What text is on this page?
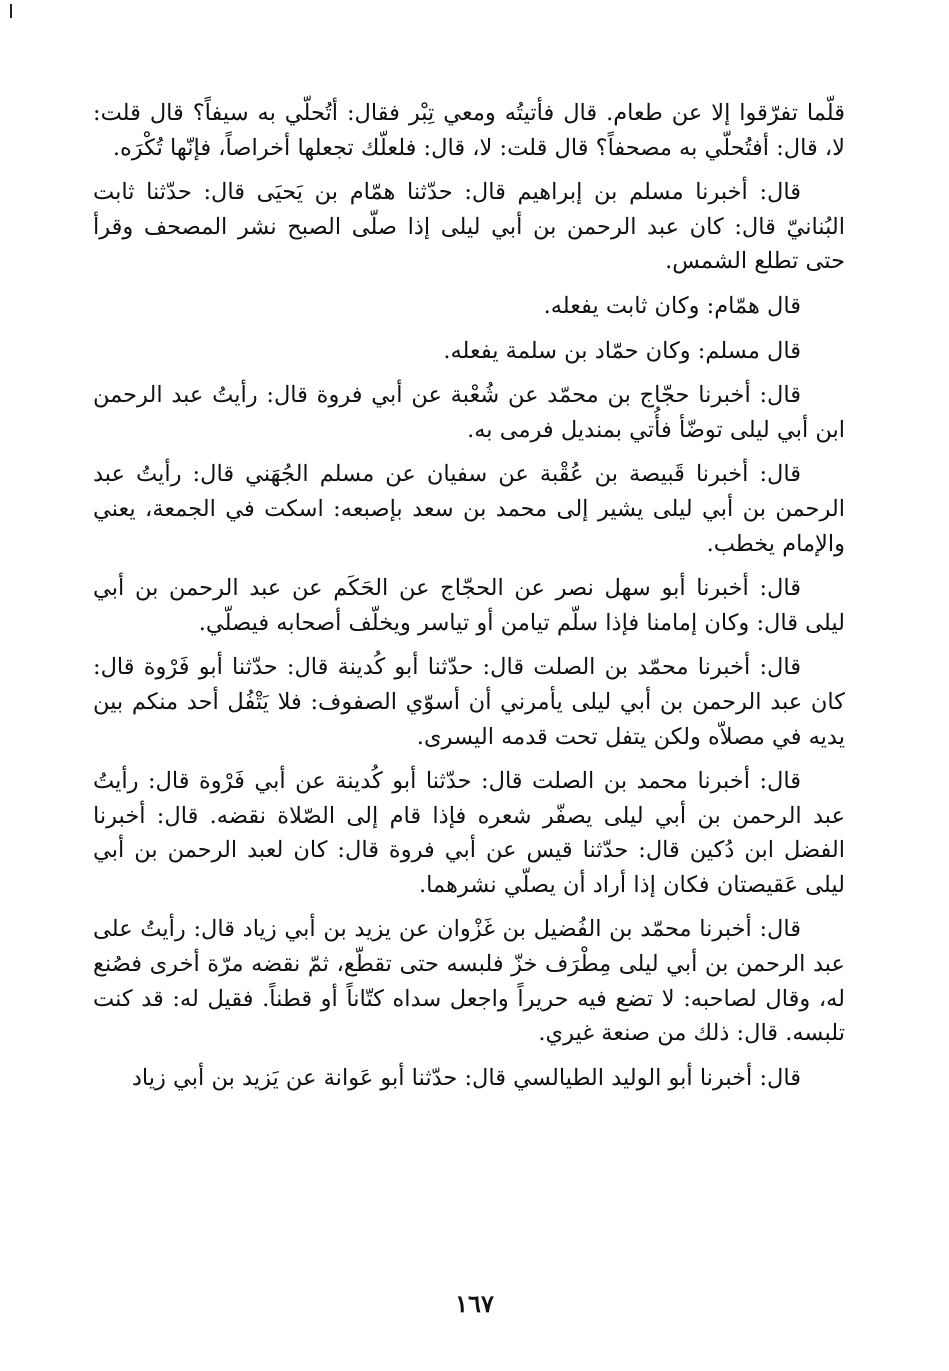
قلّما تفرّقوا إلا عن طعام. قال فأتيتُه ومعي تِبْر فقال: أتُحلّي به سيفاً؟ قال قلت: لا، قال: أفتُحلّي به مصحفاً؟ قال قلت: لا، قال: فلعلّك تجعلها أخراصاً، فإنّها تُكْرَه.

قال: أخبرنا مسلم بن إبراهيم قال: حدّثنا همّام بن يَحيَى قال: حدّثنا ثابت البُنانيّ قال: كان عبد الرحمن بن أبي ليلى إذا صلّى الصبح نشر المصحف وقرأ حتى تطلع الشمس.

قال همّام: وكان ثابت يفعله.

قال مسلم: وكان حمّاد بن سلمة يفعله.

قال: أخبرنا حجّاج بن محمّد عن شُعْبة عن أبي فروة قال: رأيتُ عبد الرحمن ابن أبي ليلى توضّأ فأُتي بمنديل فرمى به.

قال: أخبرنا قَبيصة بن عُقْبة عن سفيان عن مسلم الجُهَني قال: رأيتُ عبد الرحمن بن أبي ليلى يشير إلى محمد بن سعد بإصبعه: اسكت في الجمعة، يعني والإمام يخطب.

قال: أخبرنا أبو سهل نصر عن الحجّاج عن الحَكَم عن عبد الرحمن بن أبي ليلى قال: وكان إمامنا فإذا سلّم تيامن أو تياسر ويخلّف أصحابه فيصلّي.

قال: أخبرنا محمّد بن الصلت قال: حدّثنا أبو كُدينة قال: حدّثنا أبو فَرْوة قال: كان عبد الرحمن بن أبي ليلى يأمرني أن أسوّي الصفوف: فلا يَتْفُل أحد منكم بين يديه في مصلاّه ولكن يتفل تحت قدمه اليسرى.

قال: أخبرنا محمد بن الصلت قال: حدّثنا أبو كُدينة عن أبي فَرْوة قال: رأيتُ عبد الرحمن بن أبي ليلى يصفّر شعره فإذا قام إلى الصّلاة نقضه. قال: أخبرنا الفضل ابن دُكين قال: حدّثنا قيس عن أبي فروة قال: كان لعبد الرحمن بن أبي ليلى عَقيصتان فكان إذا أراد أن يصلّي نشرهما.

قال: أخبرنا محمّد بن الفُضيل بن غَزْوان عن يزيد بن أبي زياد قال: رأيتُ على عبد الرحمن بن أبي ليلى مِطْرَف خزّ فلبسه حتى تقطّع، ثمّ نقضه مرّة أخرى فصُنع له، وقال لصاحبه: لا تضع فيه حريراً واجعل سداه كتّاناً أو قطناً. فقيل له: قد كنت تلبسه. قال: ذلك من صنعة غيري.

قال: أخبرنا أبو الوليد الطيالسي قال: حدّثنا أبو عَوانة عن يَزيد بن أبي زياد

١٦٧
